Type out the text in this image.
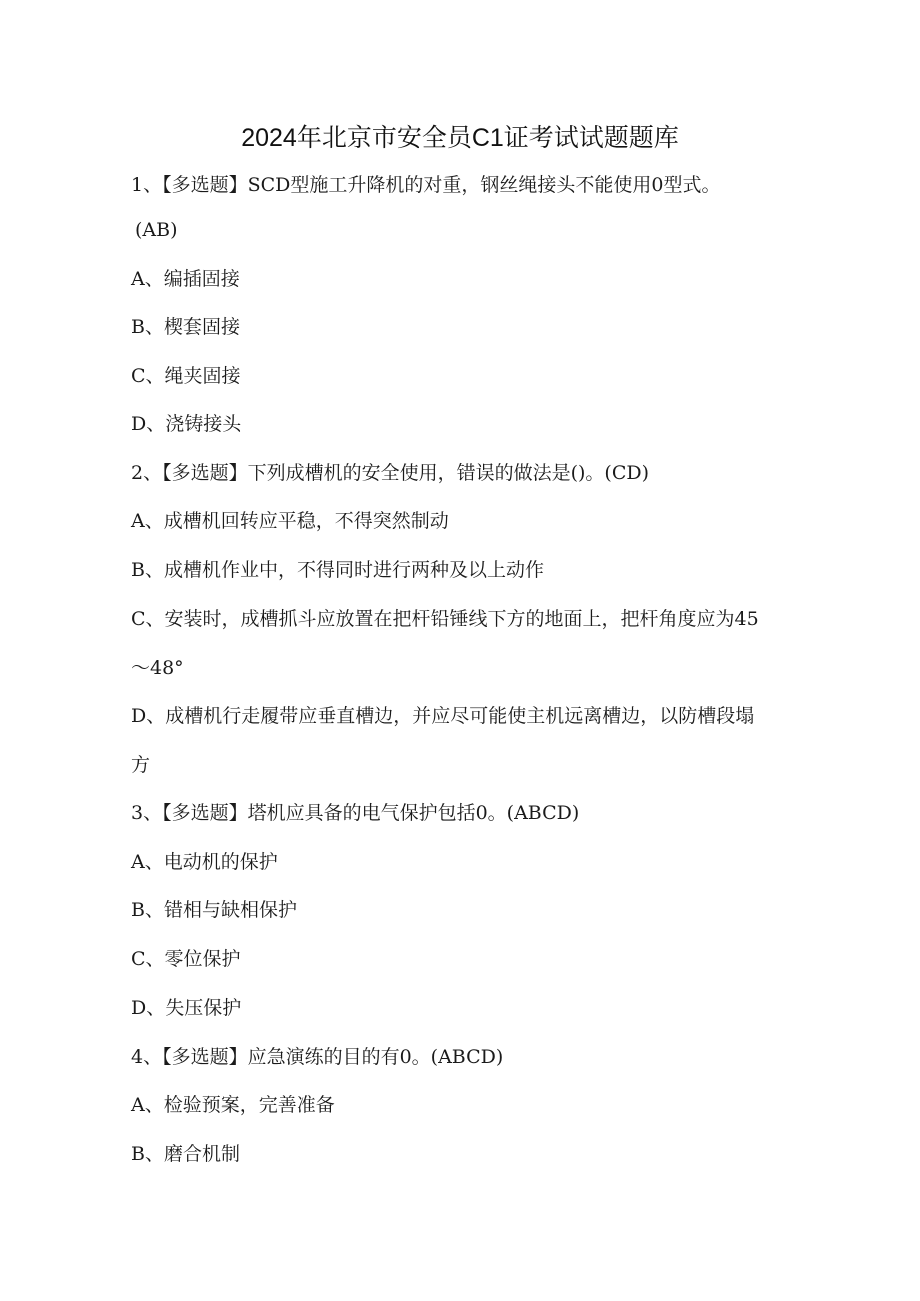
2024年北京市安全员C1证考试试题题库
1、【多选题】SCD型施工升降机的对重，钢丝绳接头不能使用0型式。
(AB)
A、编插固接
B、楔套固接
C、绳夹固接
D、浇铸接头
2、【多选题】下列成槽机的安全使用，错误的做法是()。(CD)
A、成槽机回转应平稳，不得突然制动
B、成槽机作业中，不得同时进行两种及以上动作
C、安装时，成槽抓斗应放置在把杆铅锤线下方的地面上，把杆角度应为45
～48°
D、成槽机行走履带应垂直槽边，并应尽可能使主机远离槽边，以防槽段塌
方
3、【多选题】塔机应具备的电气保护包括0。(ABCD)
A、电动机的保护
B、错相与缺相保护
C、零位保护
D、失压保护
4、【多选题】应急演练的目的有0。(ABCD)
A、检验预案，完善准备
B、磨合机制
